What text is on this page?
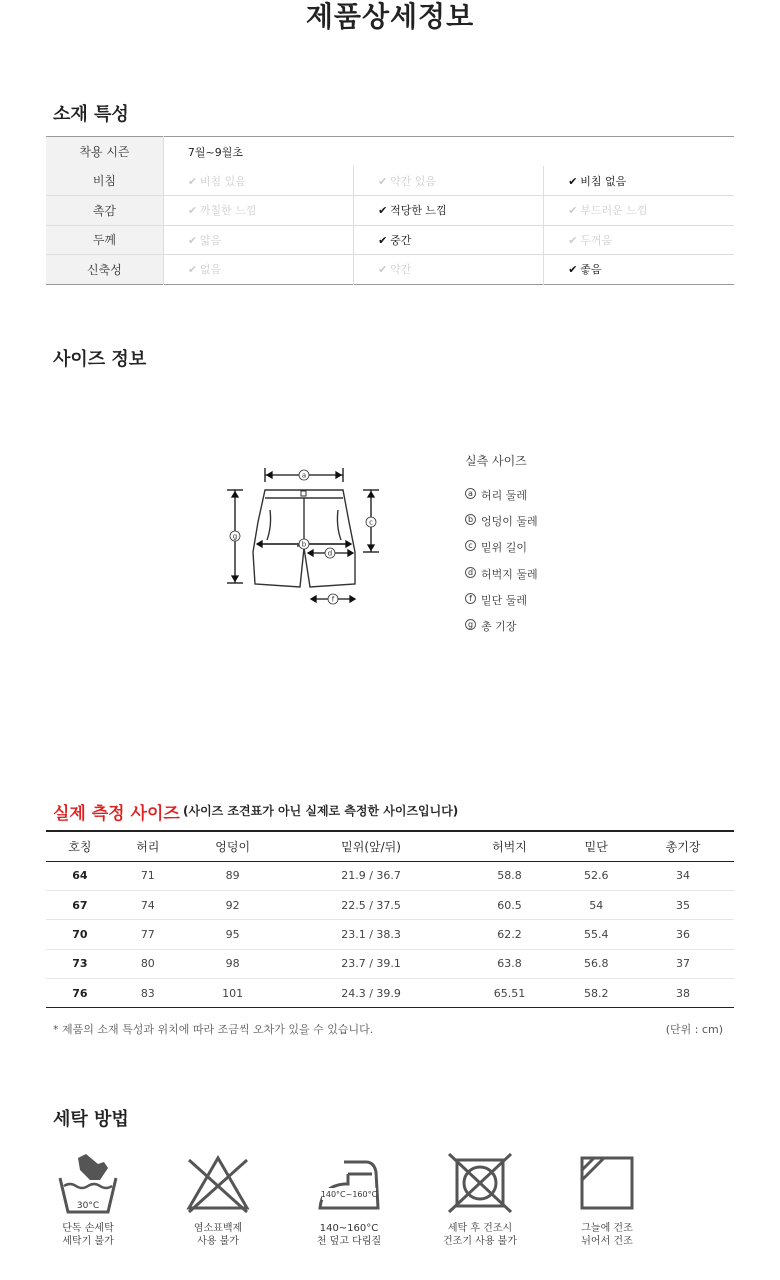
제품상세정보
소재 특성
착용 시즌	7월~9월초		
비침	✔ 비침 있음	✔ 약간 있음	✔ 비침 없음
촉감	✔ 까칠한 느낌	✔ 적당한 느낌	✔ 부드러운 느낌
두께	✔ 얇음	✔ 중간	✔ 두꺼움
신축성	✔ 없음	✔ 약간	✔ 좋음
사이즈 정보
a
g
c
b
d
f
실측 사이즈
a 허리 둘레
b 엉덩이 둘레
c 밑위 길이
d 허벅지 둘레
f 밑단 둘레
g 총 기장
실제 측정 사이즈 (사이즈 조견표가 아닌 실제로 측정한 사이즈입니다)
호칭	허리	엉덩이	밑위(앞/뒤)	허벅지	밑단	총기장
64	71	89	21.9 / 36.7	58.8	52.6	34
67	74	92	22.5 / 37.5	60.5	54	35
70	77	95	23.1 / 38.3	62.2	55.4	36
73	80	98	23.7 / 39.1	63.8	56.8	37
76	83	101	24.3 / 39.9	65.51	58.2	38
* 제품의 소재 특성과 위치에 따라 조금씩 오차가 있을 수 있습니다.	(단위 : cm)
세탁 방법
30°C
단독 손세탁
세탁기 불가
염소표백제
사용 불가
140°C~160°C
140~160°C
천 덮고 다림질
세탁 후 건조시
건조기 사용 불가
그늘에 건조
뉘어서 건조
